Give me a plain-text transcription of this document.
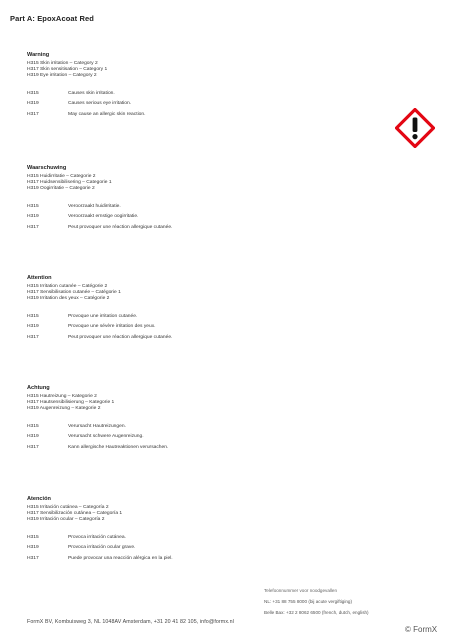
Part A: EpoxAcoat Red
Warning
H315 Skin irritation – Category 2
H317 Skin sensitisation – Category 1
H319 Eye irritation – Category 2
H315	Causes skin irritation.
H319	Causes serious eye irritation.
H317	May cause an allergic skin reaction.
Waarschuwing
H315 Huidirritatie – Categorie 2
H317 Huidsensibilisering – Categorie 1
H319 Oogirritatie – Categorie 2
H315	Veroorzaakt huidirritatie.
H319	Veroorzaakt ernstige oogirritatie.
H317	Peut provoquer une réaction allergique cutanée.
Attention
H315 Irritation cutanée – Catégorie 2
H317 Sensibilisation cutanée – Catégorie 1
H319 Irritation des yeux – Catégorie 2
H315	Provoque une irritation cutanée.
H319	Provoque une sévère irritation des yeux.
H317	Peut provoquer une réaction allergique cutanée.
Achtung
H315 Hautreizung – Kategorie 2
H317 Hautsensibilisierung – Kategorie 1
H319 Augenreizung – Kategorie 2
H315	Verursacht Hautreizungen.
H319	Verursacht schwere Augenreizung.
H317	Kann allergische Hautreaktionen verursachen.
Atención
H315 Irritación cutánea – Categoría 2
H317 Sensibilización cutánea – Categoría 1
H319 Irritación ocular – Categoría 2
H315	Provoca irritación cutánea.
H319	Provoca irritación ocular grave.
H317	Puede provocar una reacción alérgica en la piel.
Telefoonnummer voor noodgevallen
NL: +31 88 755 8000 (bij acute vergiftiging)
Belle Bax: +32 2 8062 6500 (french, dutch, english)
FormX BV, Kombuisweg 3, NL 1048AV Amsterdam, +31 20 41 82 105, info@formx.nl
© FormX
